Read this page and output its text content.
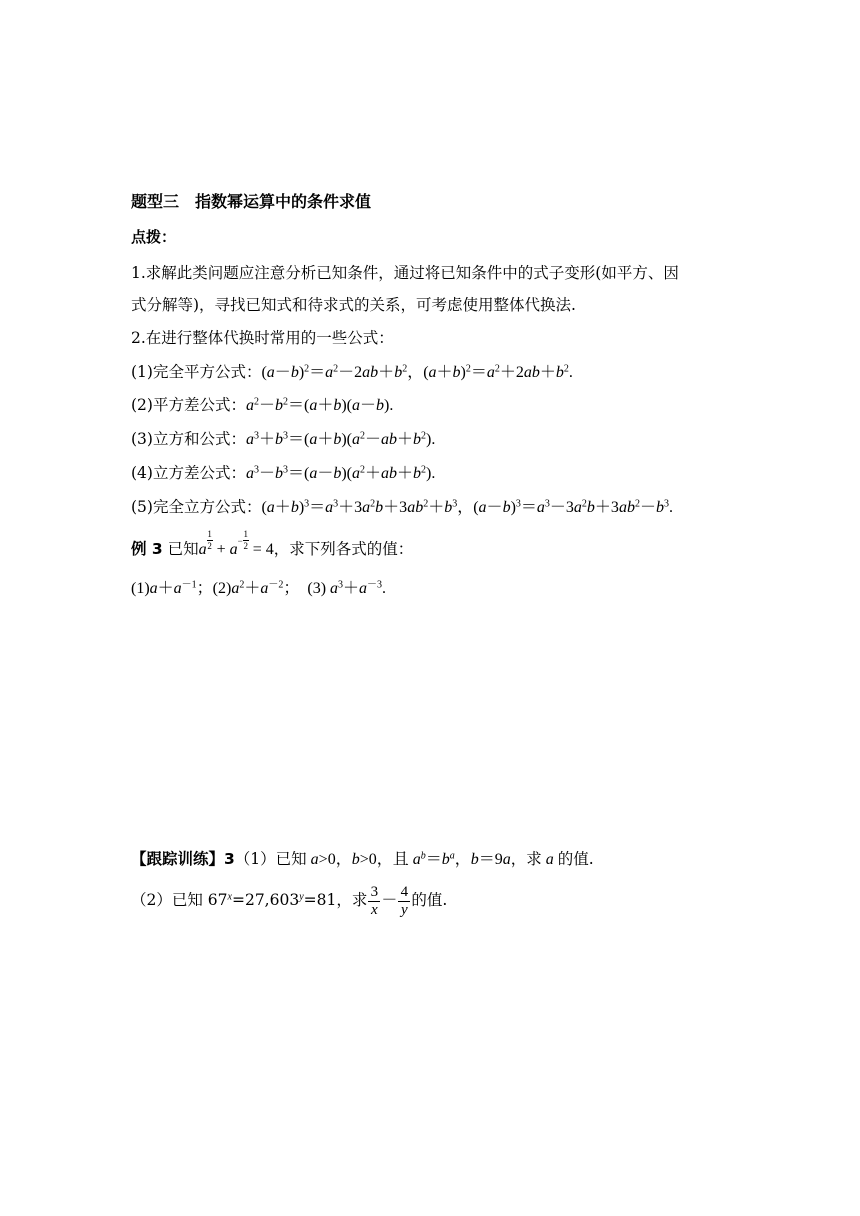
题型三　指数幂运算中的条件求值
点拨：
1.求解此类问题应注意分析已知条件，通过将已知条件中的式子变形(如平方、因
式分解等)，寻找已知式和待求式的关系，可考虑使用整体代换法.
2.在进行整体代换时常用的一些公式：
(1)完全平方公式：$(a-b)^2=a^2-2ab+b^2$，$(a+b)^2=a^2+2ab+b^2$.
(2)平方差公式：$a^2-b^2=(a+b)(a-b)$.
(3)立方和公式：$a^3+b^3=(a+b)(a^2-ab+b^2)$.
(4)立方差公式：$a^3-b^3=(a-b)(a^2+ab+b^2)$.
(5)完全立方公式：$(a+b)^3=a^3+3a^2b+3ab^2+b^3$，$(a-b)^3=a^3-3a^2b+3ab^2-b^3$.
例 3 已知a $\frac{1}{2} + a^- \frac{1}{2} = 4$，求下列各式的值：
$(1)a+a^{-1}$；$(2)a^2+a^{-2}$；　(3) $a^3+a^{-3}$.
【跟踪训练】3（1）已知 a>0，b>0，且 $a^b=b^a$，b＝9a，求 a 的值.
（2）已知 $67^x=27,603^y=81$，求 $\frac{3}{x} - \frac{4}{y}$ 的值.
